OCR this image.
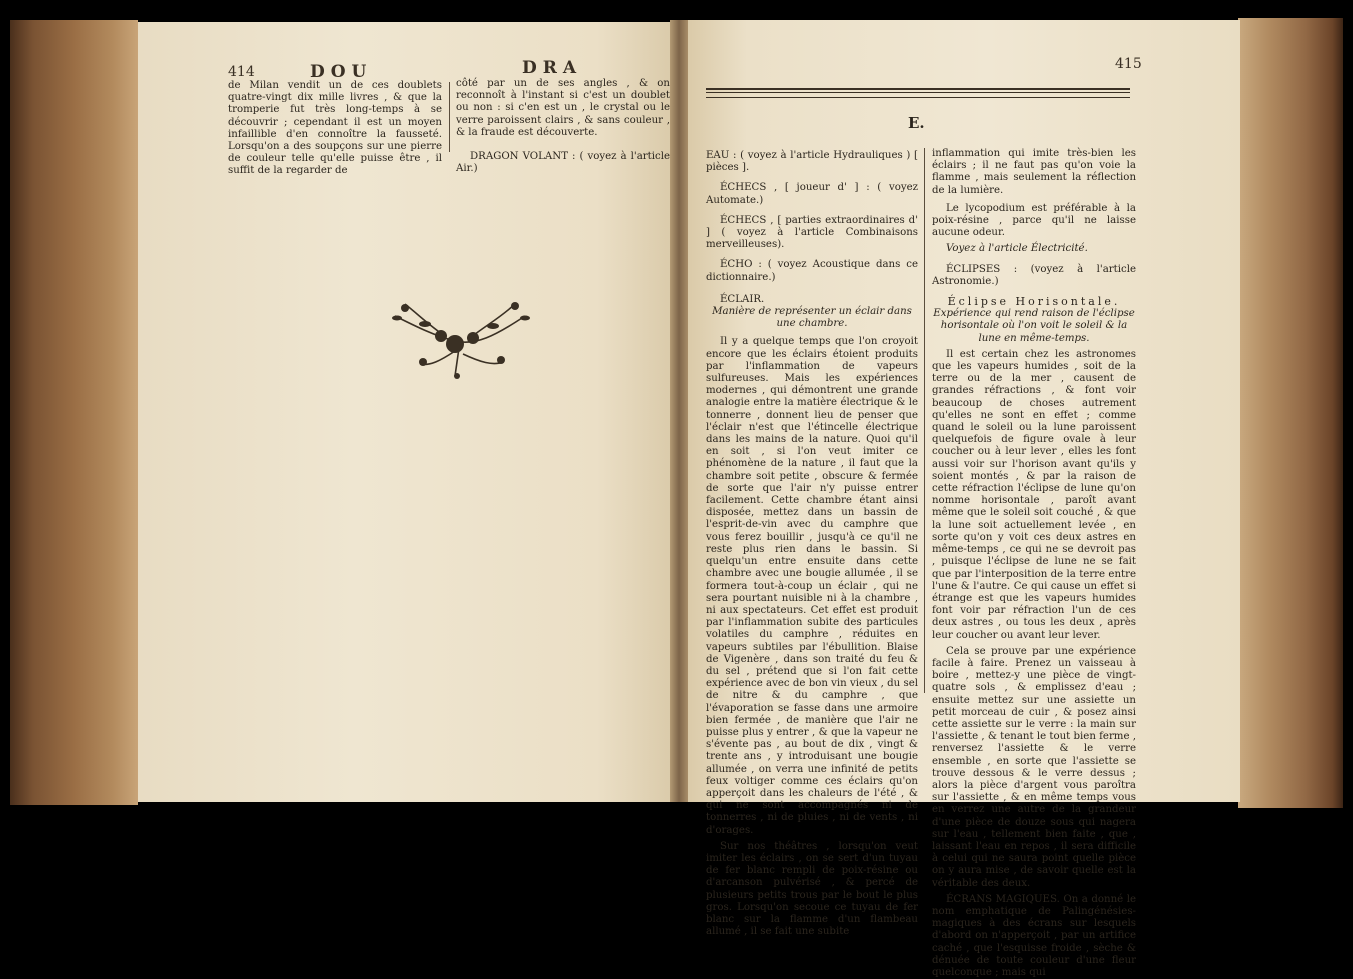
414	DOU	DRA

de Milan vendit un de ces doublets quatre-vingt dix mille livres , & que la tromperie fut très long-temps à se découvrir ; cependant il est un moyen infaillible d'en connoître la fausseté. Lorsqu'on a des soupçons sur une pierre de couleur telle qu'elle puisse être , il suffit de la regarder de

côté par un de ses angles , & on reconnoît à l'instant si c'est un doublet ou non : si c'en est un , le crystal ou le verre paroissent clairs , & sans couleur , & la fraude est découverte.

DRAGON VOLANT : ( voyez à l'article Air.)

415
E.

EAU : ( voyez à l'article Hydrauliques ) [ pièces ].

ÉCHECS , [ joueur d' ] : ( voyez Automate.)

ÉCHECS , [ parties extraordinaires d' ] ( voyez à l'article Combinaisons merveilleuses).

ÉCHO : ( voyez Acoustique dans ce dictionnaire.)

ÉCLAIR.

Manière de représenter un éclair dans une chambre.

Il y a quelque temps que l'on croyoit encore que les éclairs étoient produits par l'inflammation de vapeurs sulfureuses. Mais les expériences modernes , qui démontrent une grande analogie entre la matière électrique & le tonnerre , donnent lieu de penser que l'éclair n'est que l'étincelle électrique dans les mains de la nature. Quoi qu'il en soit , si l'on veut imiter ce phénomène de la nature , il faut que la chambre soit petite , obscure & fermée de sorte que l'air n'y puisse entrer facilement. Cette chambre étant ainsi disposée, mettez dans un bassin de l'esprit-de-vin avec du camphre que vous ferez bouillir , jusqu'à ce qu'il ne reste plus rien dans le bassin. Si quelqu'un entre ensuite dans cette chambre avec une bougie allumée , il se formera tout-à-coup un éclair , qui ne sera pourtant nuisible ni à la chambre , ni aux spectateurs. Cet effet est produit par l'inflammation subite des particules volatiles du camphre , réduites en vapeurs subtiles par l'ébullition. Blaise de Vigenère , dans son traité du feu & du sel , prétend que si l'on fait cette expérience avec de bon vin vieux , du sel de nitre & du camphre , que l'évaporation se fasse dans une armoire bien fermée , de manière que l'air ne puisse plus y entrer , & que la vapeur ne s'évente pas , au bout de dix , vingt & trente ans , y introduisant une bougie allumée , on verra une infinité de petits feux voltiger comme ces éclairs qu'on apperçoit dans les chaleurs de l'été , & qui ne sont accompagnés ni de tonnerres , ni de pluies , ni de vents , ni d'orages.

Sur nos théâtres , lorsqu'on veut imiter les éclairs , on se sert d'un tuyau de fer blanc rempli de poix-résine ou d'arcanson pulvérisé , & percé de plusieurs petits trous par le bout le plus gros. Lorsqu'on secoue ce tuyau de fer blanc sur la flamme d'un flambeau allumé , il se fait une subite

inflammation qui imite très-bien les éclairs ; il ne faut pas qu'on voie la flamme , mais seulement la réflection de la lumière.

Le lycopodium est préférable à la poix-résine , parce qu'il ne laisse aucune odeur.

Voyez à l'article Électricité.

ÉCLIPSES : (voyez à l'article Astronomie.)

Éclipse Horisontale.

Expérience qui rend raison de l'éclipse horisontale où l'on voit le soleil & la lune en même-temps.

Il est certain chez les astronomes que les vapeurs humides , soit de la terre ou de la mer , causent de grandes réfractions , & font voir beaucoup de choses autrement qu'elles ne sont en effet ; comme quand le soleil ou la lune paroissent quelquefois de figure ovale à leur coucher ou à leur lever , elles les font aussi voir sur l'horison avant qu'ils y soient montés , & par la raison de cette réfraction l'éclipse de lune qu'on nomme horisontale , paroît avant même que le soleil soit couché , & que la lune soit actuellement levée , en sorte qu'on y voit ces deux astres en même-temps , ce qui ne se devroit pas , puisque l'éclipse de lune ne se fait que par l'interposition de la terre entre l'une & l'autre. Ce qui cause un effet si étrange est que les vapeurs humides font voir par réfraction l'un de ces deux astres , ou tous les deux , après leur coucher ou avant leur lever.

Cela se prouve par une expérience facile à faire. Prenez un vaisseau à boire , mettez-y une pièce de vingt-quatre sols , & emplissez d'eau ; ensuite mettez sur une assiette un petit morceau de cuir , & posez ainsi cette assiette sur le verre : la main sur l'assiette , & tenant le tout bien ferme , renversez l'assiette & le verre ensemble , en sorte que l'assiette se trouve dessous & le verre dessus ; alors la pièce d'argent vous paroîtra sur l'assiette , & en même temps vous en verrez une autre de la grandeur d'une pièce de douze sous qui nagera sur l'eau , tellement bien faite , que , laissant l'eau en repos , il sera difficile à celui qui ne saura point quelle pièce on y aura mise , de savoir quelle est la véritable des deux.

ÉCRANS MAGIQUES. On a donné le nom emphatique de Palingénésies-magiques à des écrans sur lesquels d'abord on n'apperçoit , par un artifice caché , que l'esquisse froide , sèche & dénuée de toute couleur d'une fleur quelconque ; mais qui
